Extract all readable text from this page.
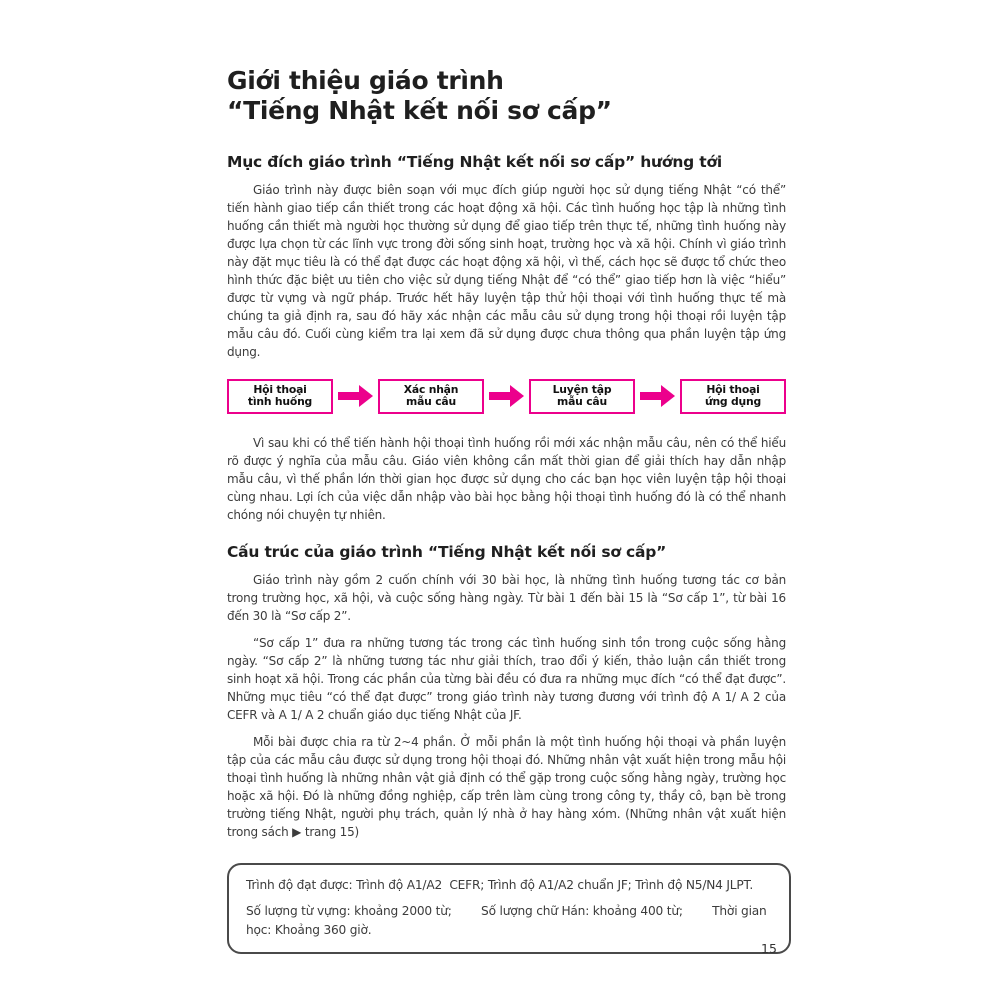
Giới thiệu giáo trình
“Tiếng Nhật kết nối sơ cấp”
Mục đích giáo trình “Tiếng Nhật kết nối sơ cấp” hướng tới

Giáo trình này được biên soạn với mục đích giúp người học sử dụng tiếng Nhật “có thể” tiến hành giao tiếp cần thiết trong các hoạt động xã hội. Các tình huống học tập là những tình huống cần thiết mà người học thường sử dụng để giao tiếp trên thực tế, những tình huống này được lựa chọn từ các lĩnh vực trong đời sống sinh hoạt, trường học và xã hội. Chính vì giáo trình này đặt mục tiêu là có thể đạt được các hoạt động xã hội, vì thế, cách học sẽ được tổ chức theo hình thức đặc biệt ưu tiên cho việc sử dụng tiếng Nhật để “có thể” giao tiếp hơn là việc “hiểu” được từ vựng và ngữ pháp. Trước hết hãy luyện tập thử hội thoại với tình huống thực tế mà chúng ta giả định ra, sau đó hãy xác nhận các mẫu câu sử dụng trong hội thoại rồi luyện tập mẫu câu đó. Cuối cùng kiểm tra lại xem đã sử dụng được chưa thông qua phần luyện tập ứng dụng.

Hội thoại
tình huống
Xác nhận
mẫu câu
Luyện tập
mẫu câu
Hội thoại
ứng dụng

Vì sau khi có thể tiến hành hội thoại tình huống rồi mới xác nhận mẫu câu, nên có thể hiểu rõ được ý nghĩa của mẫu câu. Giáo viên không cần mất thời gian để giải thích hay dẫn nhập mẫu câu, vì thế phần lớn thời gian học được sử dụng cho các bạn học viên luyện tập hội thoại cùng nhau. Lợi ích của việc dẫn nhập vào bài học bằng hội thoại tình huống đó là có thể nhanh chóng nói chuyện tự nhiên.

Cấu trúc của giáo trình “Tiếng Nhật kết nối sơ cấp”

Giáo trình này gồm 2 cuốn chính với 30 bài học, là những tình huống tương tác cơ bản trong trường học, xã hội, và cuộc sống hàng ngày. Từ bài 1 đến bài 15 là “Sơ cấp 1”, từ bài 16 đến 30 là “Sơ cấp 2”.

“Sơ cấp 1” đưa ra những tương tác trong các tình huống sinh tồn trong cuộc sống hằng ngày. “Sơ cấp 2” là những tương tác như giải thích, trao đổi ý kiến, thảo luận cần thiết trong sinh hoạt xã hội. Trong các phần của từng bài đều có đưa ra những mục đích “có thể đạt được”. Những mục tiêu “có thể đạt được” trong giáo trình này tương đương với trình độ A 1/ A 2 của CEFR và A 1/ A 2 chuẩn giáo dục tiếng Nhật của JF.

Mỗi bài được chia ra từ 2~4 phần. Ở mỗi phần là một tình huống hội thoại và phần luyện tập của các mẫu câu được sử dụng trong hội thoại đó. Những nhân vật xuất hiện trong mẫu hội thoại tình huống là những nhân vật giả định có thể gặp trong cuộc sống hằng ngày, trường học hoặc xã hội. Đó là những đồng nghiệp, cấp trên làm cùng trong công ty, thầy cô, bạn bè trong trường tiếng Nhật, người phụ trách, quản lý nhà ở hay hàng xóm. (Những nhân vật xuất hiện trong sách ▶ trang 15)

Trình độ đạt được: Trình độ A1/A2  CEFR; Trình độ A1/A2 chuẩn JF; Trình độ N5/N4 JLPT.

Số lượng từ vựng: khoảng 2000 từ;        Số lượng chữ Hán: khoảng 400 từ;        Thời gian học: Khoảng 360 giờ.

15
